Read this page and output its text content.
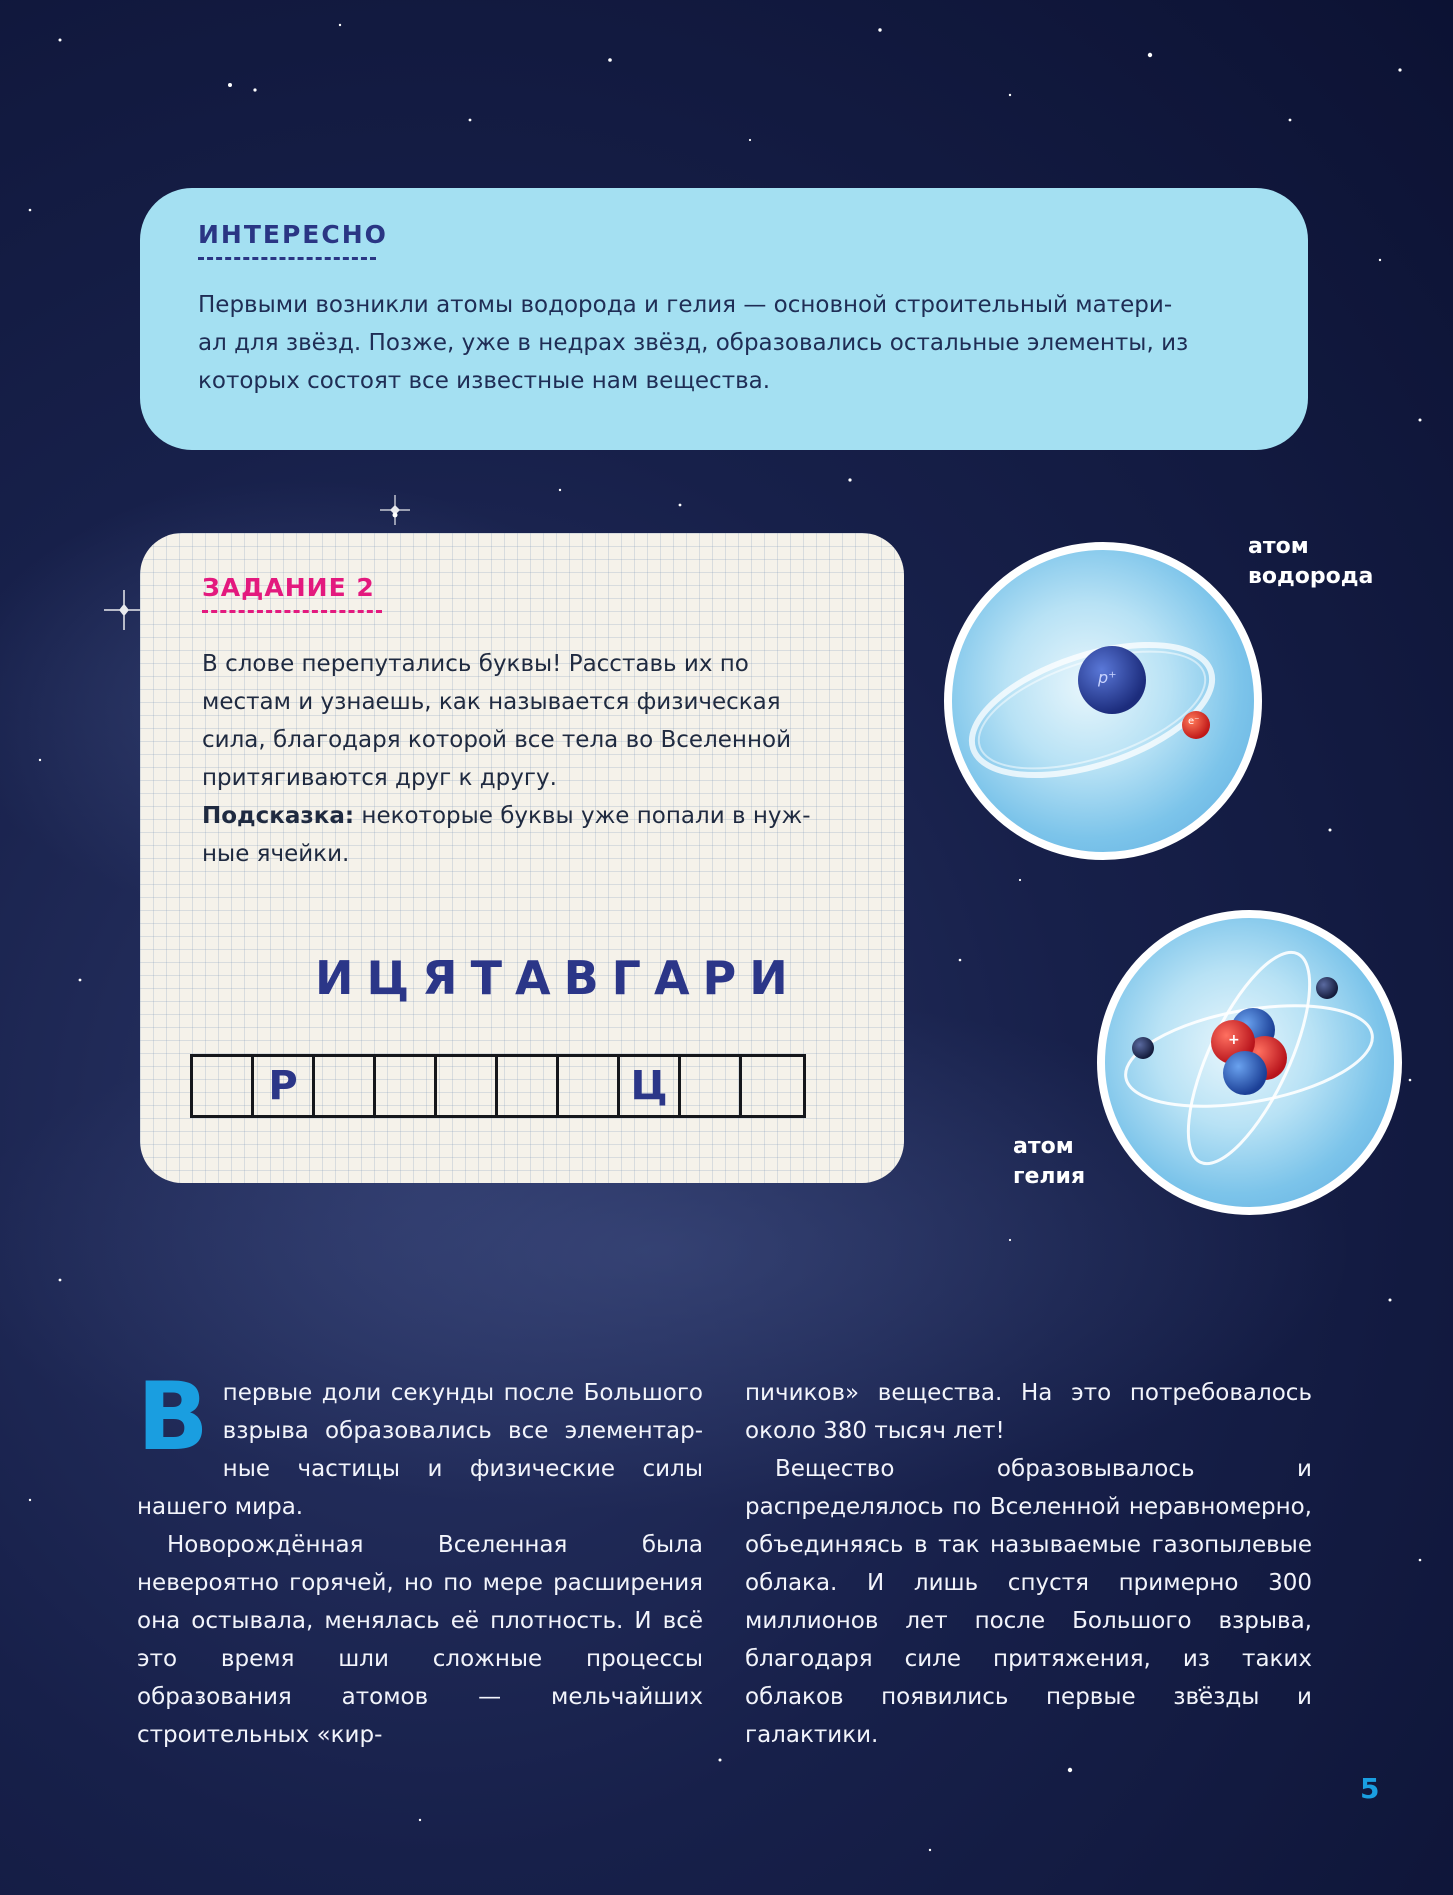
ИНТЕРЕСНО
Первыми возникли атомы водорода и гелия — основной строительный матери-
ал для звёзд. Позже, уже в недрах звёзд, образовались остальные элементы, из
которых состоят все известные нам вещества.
ЗАДАНИЕ 2
В слове перепутались буквы! Расставь их по
местам и узнаешь, как называется физическая
сила, благодаря которой все тела во Вселенной
притягиваются друг к другу.
Подсказка: некоторые буквы уже попали в нуж-
ные ячейки.
ИЦЯТАВГАРИ
Р	Ц
p⁺
e⁻
атом
водорода
+
атом
гелия
В первые доли секунды после Большого взрыва образовались все элементар-ные частицы и физические силы нашего мира.

Новорождённая Вселенная была невероятно горячей, но по мере расширения она остывала, менялась её плотность. И всё это время шли сложные процессы образования атомов — мельчайших строительных «кир-

пичиков» вещества. На это потребовалось около 380 тысяч лет!

Вещество образовывалось и распределялось по Вселенной неравномерно, объединяясь в так называемые газопылевые облака. И лишь спустя примерно 300 миллионов лет после Большого взрыва, благодаря силе притяжения, из таких облаков появились первые звёзды и галактики.

5
